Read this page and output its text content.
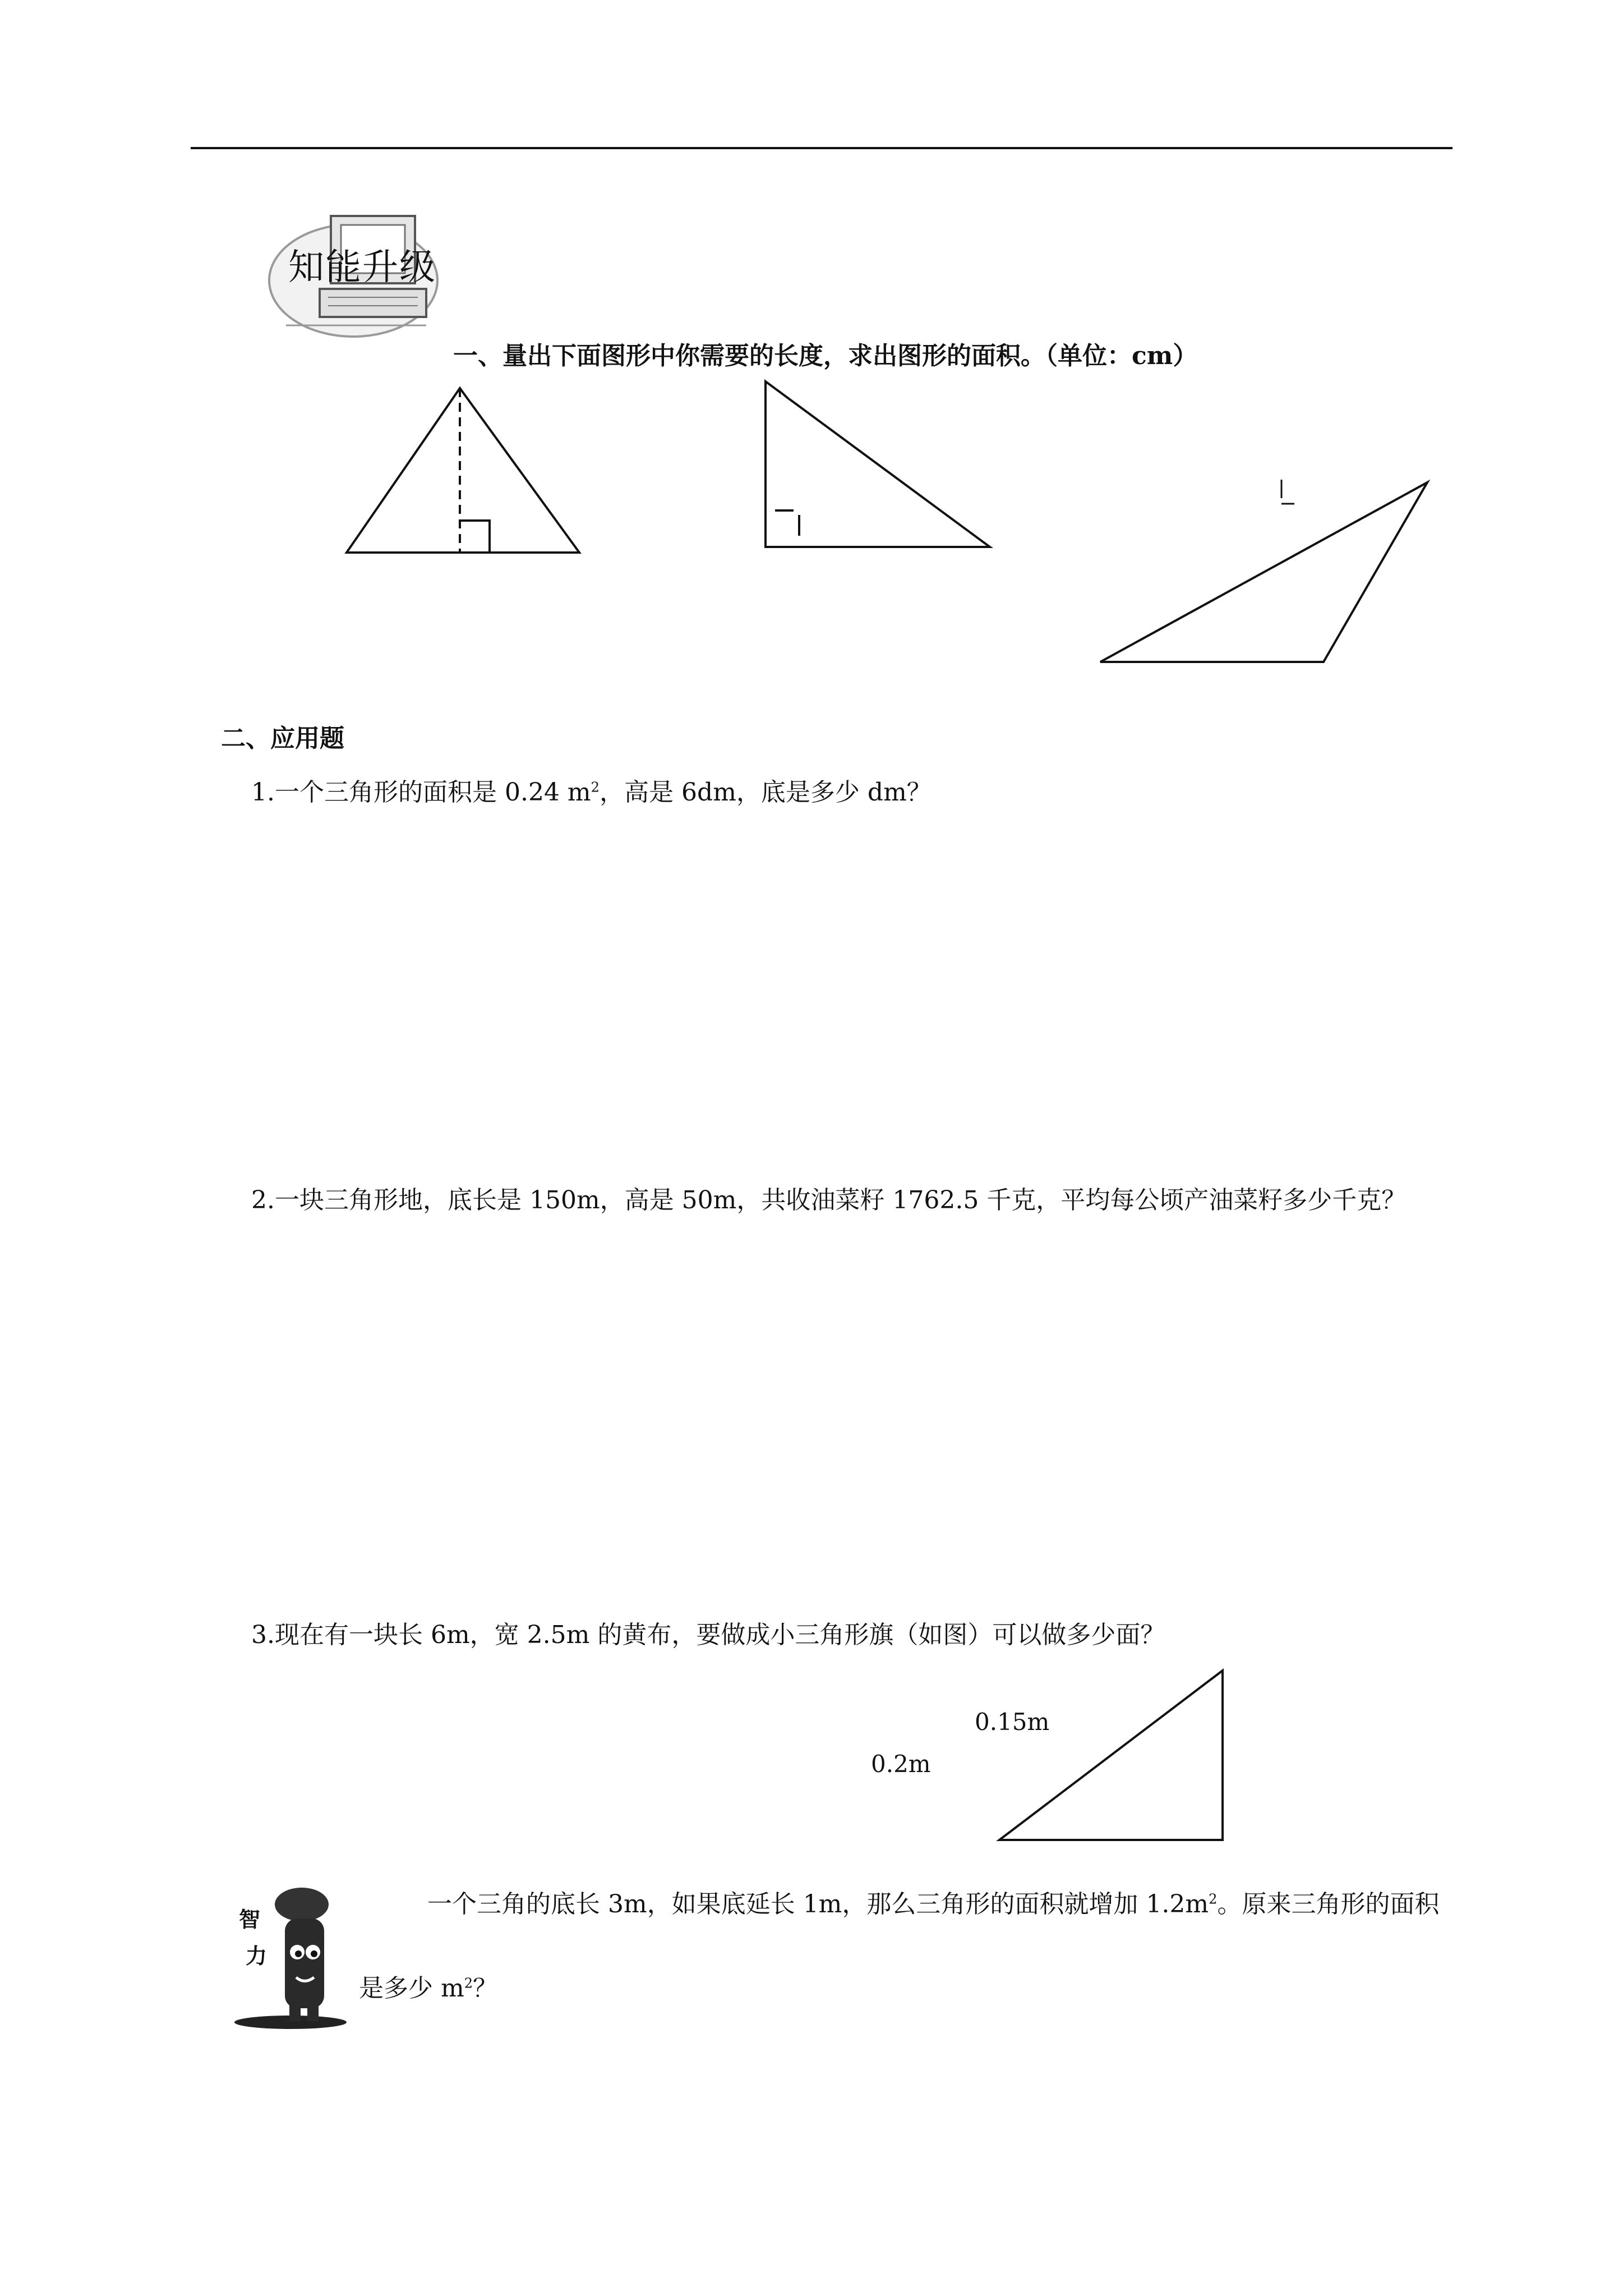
知能升级
一、量出下面图形中你需要的长度，求出图形的面积。（单位：cm）
二、应用题
1.一个三角形的面积是 0.24 $m^2$，高是 6dm，底是多少 dm？
2.一块三角形地，底长是 150m，高是 50m，共收油菜籽 1762.5 千克，平均每公顷产油菜籽多少千克？
3.现在有一块长 6m，宽 2.5m 的黄布，要做成小三角形旗（如图）可以做多少面？
0.15m
0.2m
智
力
一个三角的底长 3m，如果底延长 1m，那么三角形的面积就增加 $1.2m^2$。原来三角形的面积是多少 $m^2$？
